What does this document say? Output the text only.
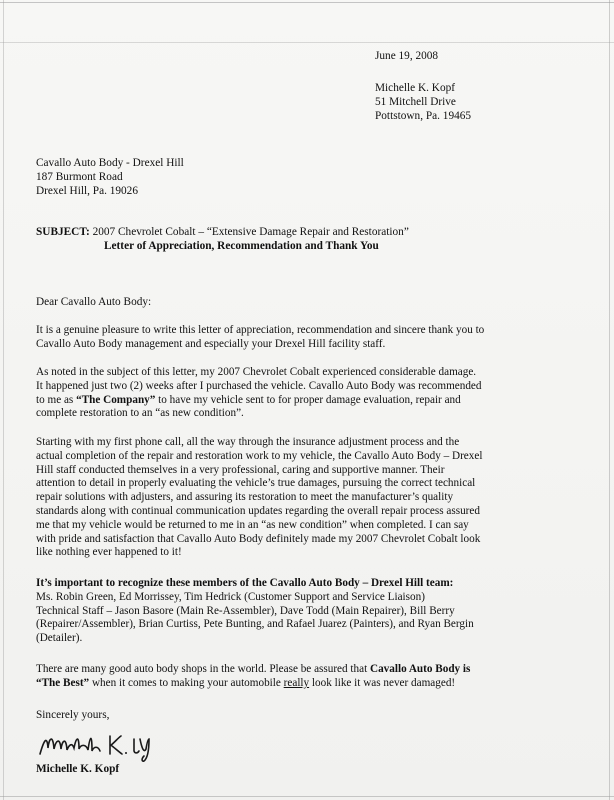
June 19, 2008
Michelle K. Kopf
51 Mitchell Drive
Pottstown, Pa. 19465
Cavallo Auto Body - Drexel Hill
187 Burmont Road
Drexel Hill, Pa. 19026
SUBJECT: 2007 Chevrolet Cobalt – “Extensive Damage Repair and Restoration”
Letter of Appreciation, Recommendation and Thank You
Dear Cavallo Auto Body:
It is a genuine pleasure to write this letter of appreciation, recommendation and sincere thank you to
Cavallo Auto Body management and especially your Drexel Hill facility staff.
As noted in the subject of this letter, my 2007 Chevrolet Cobalt experienced considerable damage.
It happened just two (2) weeks after I purchased the vehicle. Cavallo Auto Body was recommended
to me as “The Company” to have my vehicle sent to for proper damage evaluation, repair and
complete restoration to an “as new condition”.
Starting with my first phone call, all the way through the insurance adjustment process and the
actual completion of the repair and restoration work to my vehicle, the Cavallo Auto Body – Drexel
Hill staff conducted themselves in a very professional, caring and supportive manner. Their
attention to detail in properly evaluating the vehicle’s true damages, pursuing the correct technical
repair solutions with adjusters, and assuring its restoration to meet the manufacturer’s quality
standards along with continual communication updates regarding the overall repair process assured
me that my vehicle would be returned to me in an “as new condition” when completed. I can say
with pride and satisfaction that Cavallo Auto Body definitely made my 2007 Chevrolet Cobalt look
like nothing ever happened to it!
It’s important to recognize these members of the Cavallo Auto Body – Drexel Hill team:
Ms. Robin Green, Ed Morrissey, Tim Hedrick (Customer Support and Service Liaison)
Technical Staff – Jason Basore (Main Re-Assembler), Dave Todd (Main Repairer), Bill Berry
(Repairer/Assembler), Brian Curtiss, Pete Bunting, and Rafael Juarez (Painters), and Ryan Bergin
(Detailer).
There are many good auto body shops in the world. Please be assured that Cavallo Auto Body is
“The Best” when it comes to making your automobile really look like it was never damaged!
Sincerely yours,
Michelle K. Kopf
